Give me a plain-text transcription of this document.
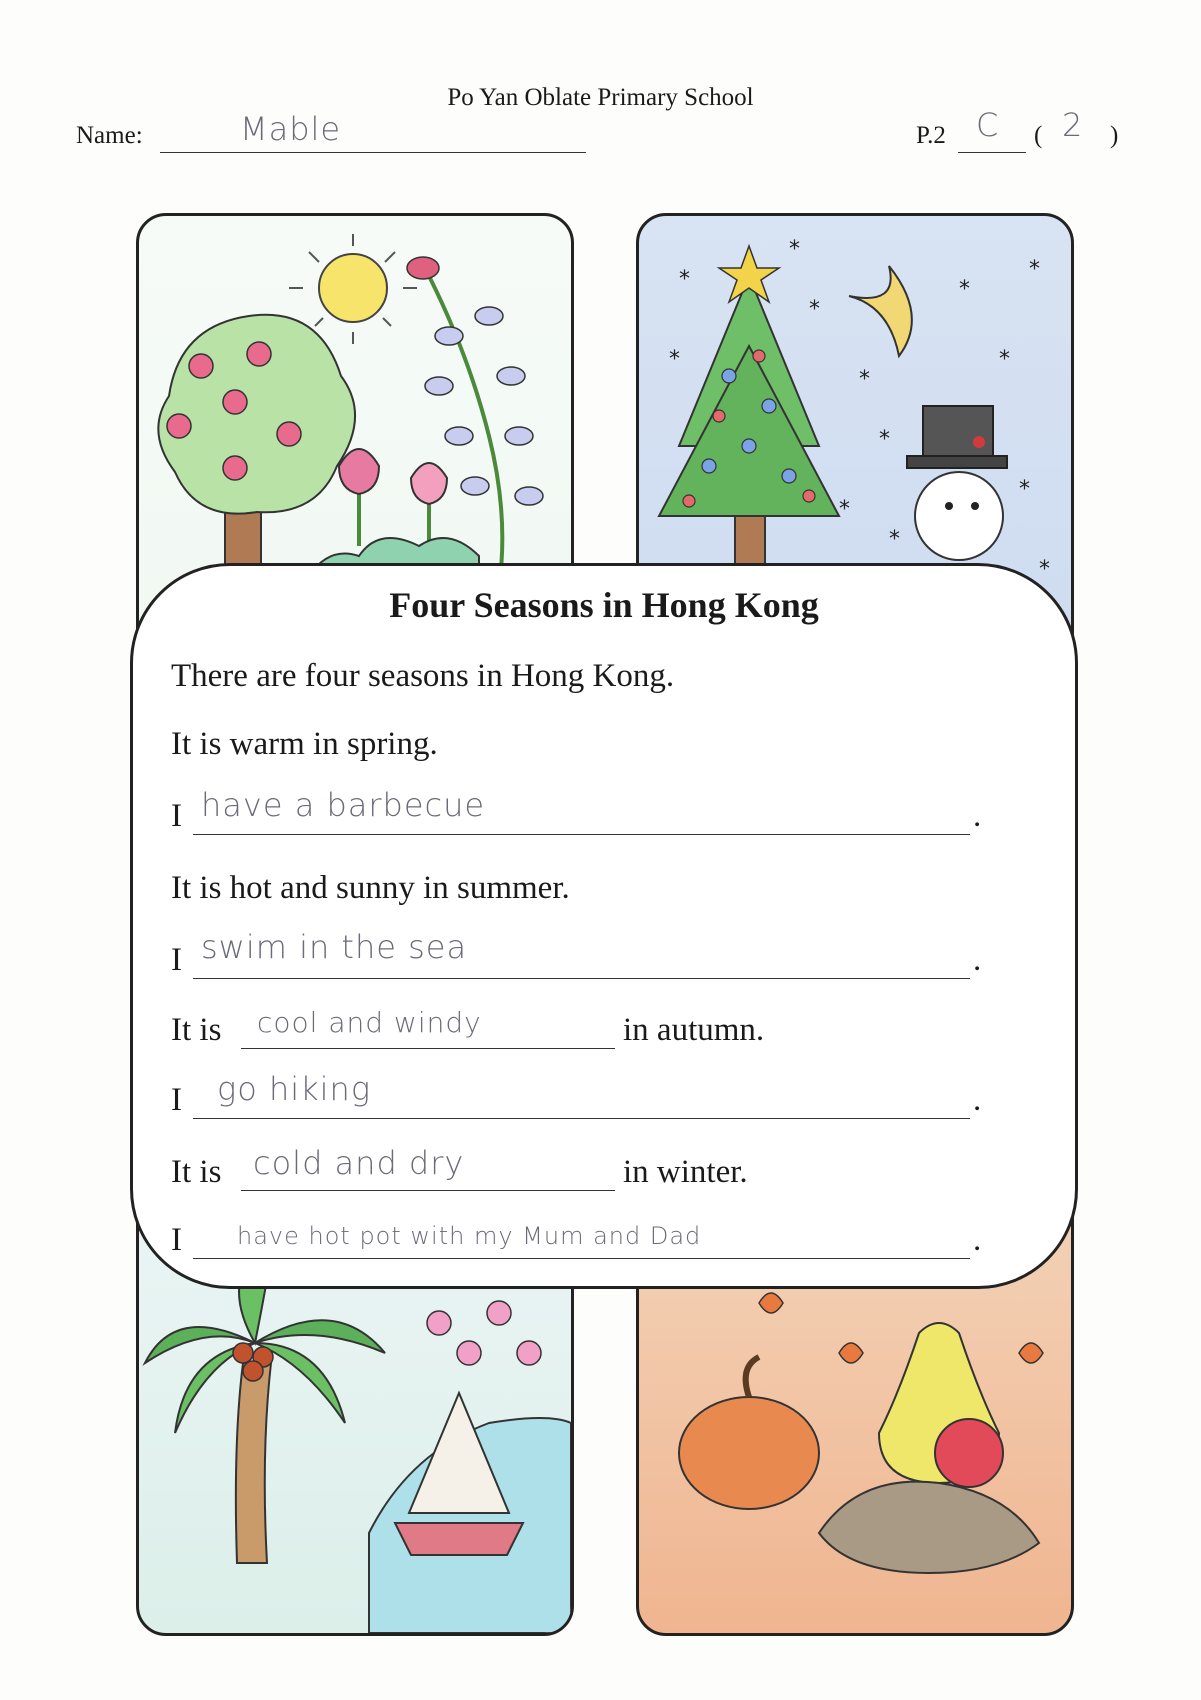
Po Yan Oblate Primary School
Name:	Mable	P.2 C ( 2 )
*
*
*
*
*
*
*
*
*
*
*
*
*
Four Seasons in Hong Kong
There are four seasons in Hong Kong.
It is warm in spring.
I have a barbecue	.
It is hot and sunny in summer.
I swim in the sea	.
It is cool and windy	in autumn.
I go hiking	.
It is cold and dry	in winter.
I have hot pot with my Mum and Dad	.
